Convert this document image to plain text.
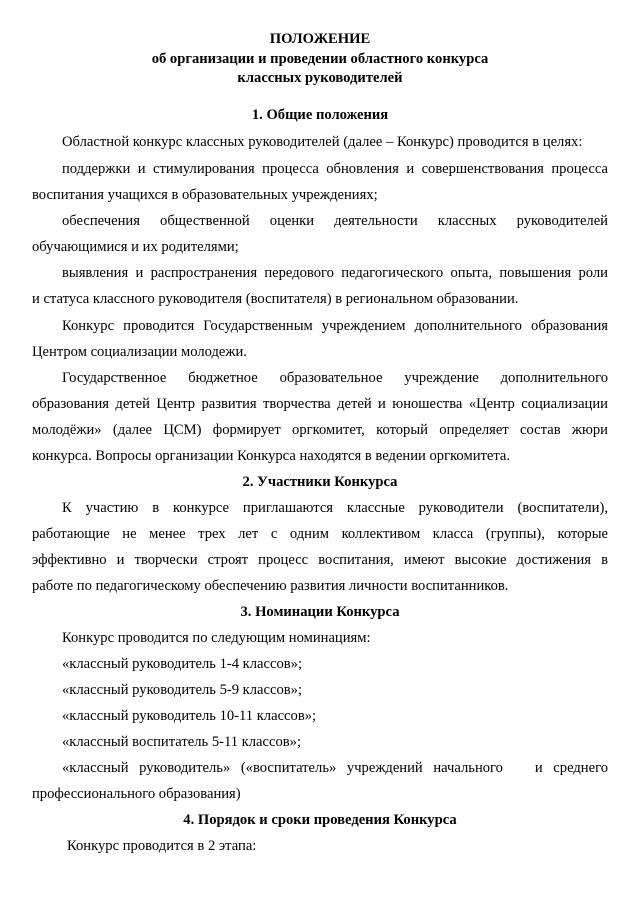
ПОЛОЖЕНИЕ
об организации и проведении областного конкурса
классных руководителей
1. Общие положения
Областной конкурс классных руководителей (далее – Конкурс) проводится в целях:
поддержки и стимулирования процесса обновления и совершенствования процесса
воспитания учащихся в образовательных учреждениях;
обеспечения общественной оценки деятельности классных руководителей
обучающимися и их родителями;
выявления и распространения передового педагогического опыта, повышения роли
и статуса классного руководителя (воспитателя) в региональном образовании.
Конкурс проводится Государственным учреждением дополнительного образования
Центром социализации молодежи.
Государственное бюджетное образовательное учреждение дополнительного
образования детей Центр развития творчества детей и юношества «Центр социализации
молодёжи» (далее ЦСМ) формирует оргкомитет, который определяет состав жюри
конкурса. Вопросы организации Конкурса находятся в ведении оргкомитета.
2. Участники Конкурса
К участию в конкурсе приглашаются классные руководители (воспитатели),
работающие не менее трех лет с одним коллективом класса (группы), которые
эффективно и творчески строят процесс воспитания, имеют высокие достижения в
работе по педагогическому обеспечению развития личности воспитанников.
3. Номинации Конкурса
Конкурс проводится по следующим номинациям:
«классный руководитель 1-4 классов»;
«классный руководитель 5-9 классов»;
«классный руководитель 10-11 классов»;
«классный воспитатель 5-11 классов»;
«классный руководитель» («воспитатель» учреждений начального   и среднего
профессионального образования)
4. Порядок и сроки проведения Конкурса
Конкурс проводится в 2 этапа:
